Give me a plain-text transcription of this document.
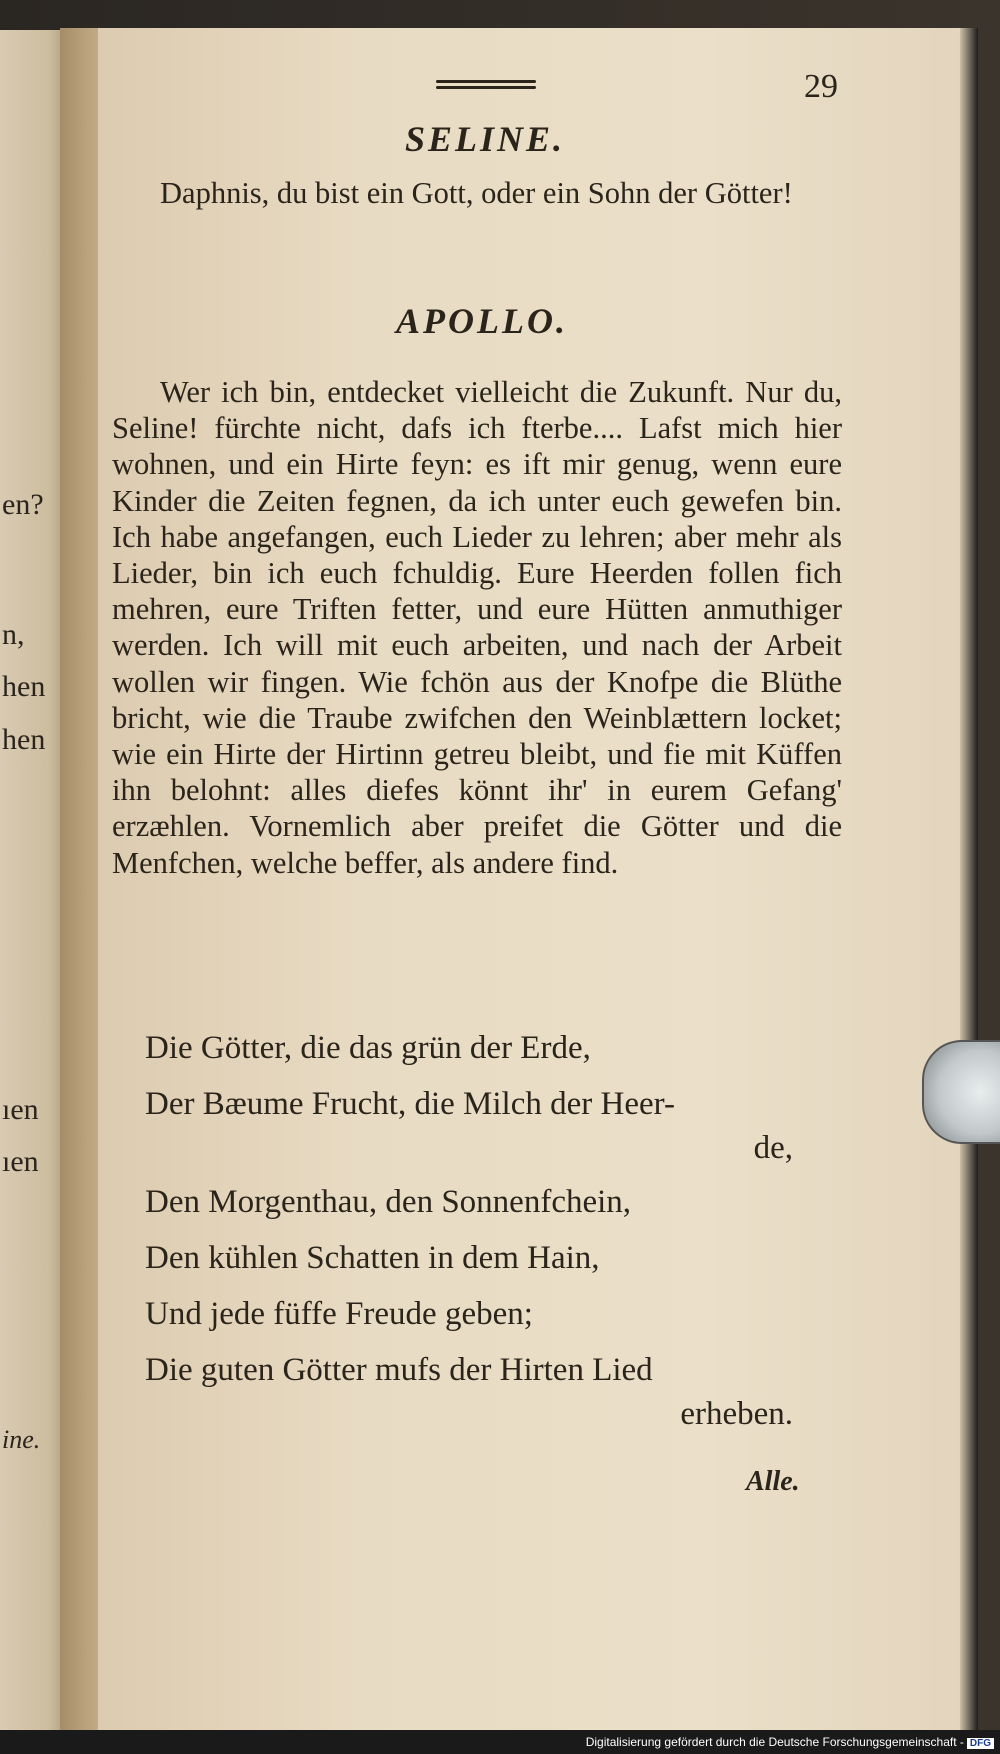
en?
n,
hen
hen
ıen
ıen
ine.
29
SELINE.
Daphnis, du bist ein Gott, oder ein Sohn der Götter!
APOLLO.
Wer ich bin, entdecket vielleicht die Zukunft. Nur du, Seline! fürchte nicht, dafs ich fterbe.... Lafst mich hier wohnen, und ein Hirte feyn: es ift mir genug, wenn eure Kinder die Zeiten fegnen, da ich unter euch gewefen bin. Ich habe angefangen, euch Lieder zu lehren; aber mehr als Lieder, bin ich euch fchuldig. Eure Heerden follen fich mehren, eure Triften fetter, und eure Hütten anmuthiger werden. Ich will mit euch arbeiten, und nach der Arbeit wollen wir fingen. Wie fchön aus der Knofpe die Blüthe bricht, wie die Traube zwifchen den Weinblættern locket; wie ein Hirte der Hirtinn getreu bleibt, und fie mit Küffen ihn belohnt: alles diefes könnt ihr' in eurem Gefang' erzæhlen. Vornemlich aber preifet die Götter und die Menfchen, welche beffer, als andere find.
Die Götter, die das grün der Erde,
Der Bæume Frucht, die Milch der Heer-
de,
Den Morgenthau, den Sonnenfchein,
Den kühlen Schatten in dem Hain,
Und jede füffe Freude geben;
Die guten Götter mufs der Hirten Lied
erheben.
Alle.
Digitalisierung gefördert durch die Deutsche Forschungsgemeinschaft - DFG
